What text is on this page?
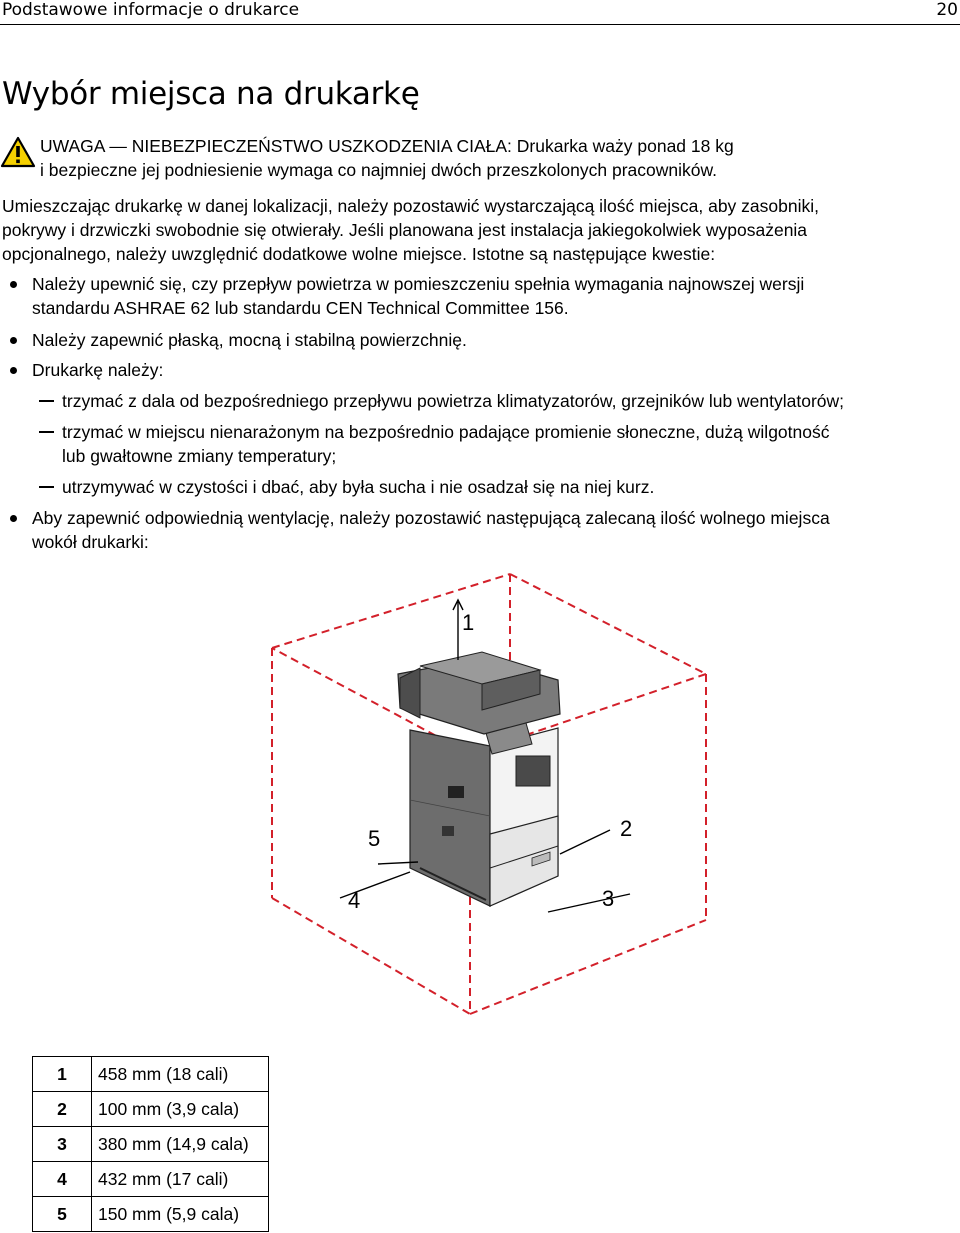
Podstawowe informacje o drukarce	20
Wybór miejsca na drukarkę
UWAGA — NIEBEZPIECZEŃSTWO USZKODZENIA CIAŁA: Drukarka waży ponad 18 kg
i bezpieczne jej podniesienie wymaga co najmniej dwóch przeszkolonych pracowników.

Umieszczając drukarkę w danej lokalizacji, należy pozostawić wystarczającą ilość miejsca, aby zasobniki,

pokrywy i drzwiczki swobodnie się otwierały. Jeśli planowana jest instalacja jakiegokolwiek wyposażenia

opcjonalnego, należy uwzględnić dodatkowe wolne miejsce. Istotne są następujące kwestie:

Należy upewnić się, czy przepływ powietrza w pomieszczeniu spełnia wymagania najnowszej wersji
standardu ASHRAE 62 lub standardu CEN Technical Committee 156.
Należy zapewnić płaską, mocną i stabilną powierzchnię.
Drukarkę należy:
trzymać z dala od bezpośredniego przepływu powietrza klimatyzatorów, grzejników lub wentylatorów;
trzymać w miejscu nienarażonym na bezpośrednio padające promienie słoneczne, dużą wilgotność
lub gwałtowne zmiany temperatury;
utrzymywać w czystości i dbać, aby była sucha i nie osadzał się na niej kurz.
Aby zapewnić odpowiednią wentylację, należy pozostawić następującą zalecaną ilość wolnego miejsca
wokół drukarki:
1
2
3
4
5
1	458 mm (18 cali)
2	100 mm (3,9 cala)
3	380 mm (14,9 cala)
4	432 mm (17 cali)
5	150 mm (5,9 cala)
